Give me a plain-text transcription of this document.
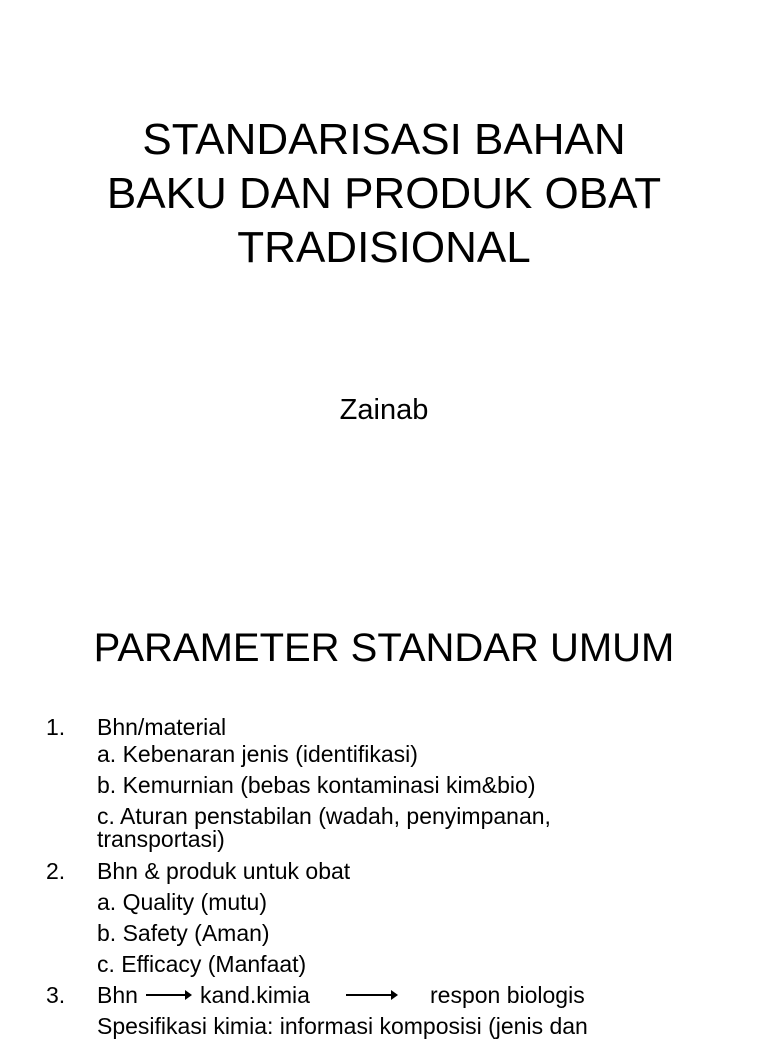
STANDARISASI BAHAN
BAKU DAN PRODUK OBAT
TRADISIONAL
Zainab
PARAMETER STANDAR UMUM
1. Bhn/material
a. Kebenaran jenis (identifikasi)
b. Kemurnian (bebas kontaminasi kim&bio)
c. Aturan penstabilan (wadah, penyimpanan,
transportasi)
2. Bhn & produk untuk obat
a. Quality (mutu)
b. Safety (Aman)
c. Efficacy (Manfaat)
3. Bhn	kand.kimia	respon biologis
Spesifikasi kimia: informasi komposisi (jenis dan
